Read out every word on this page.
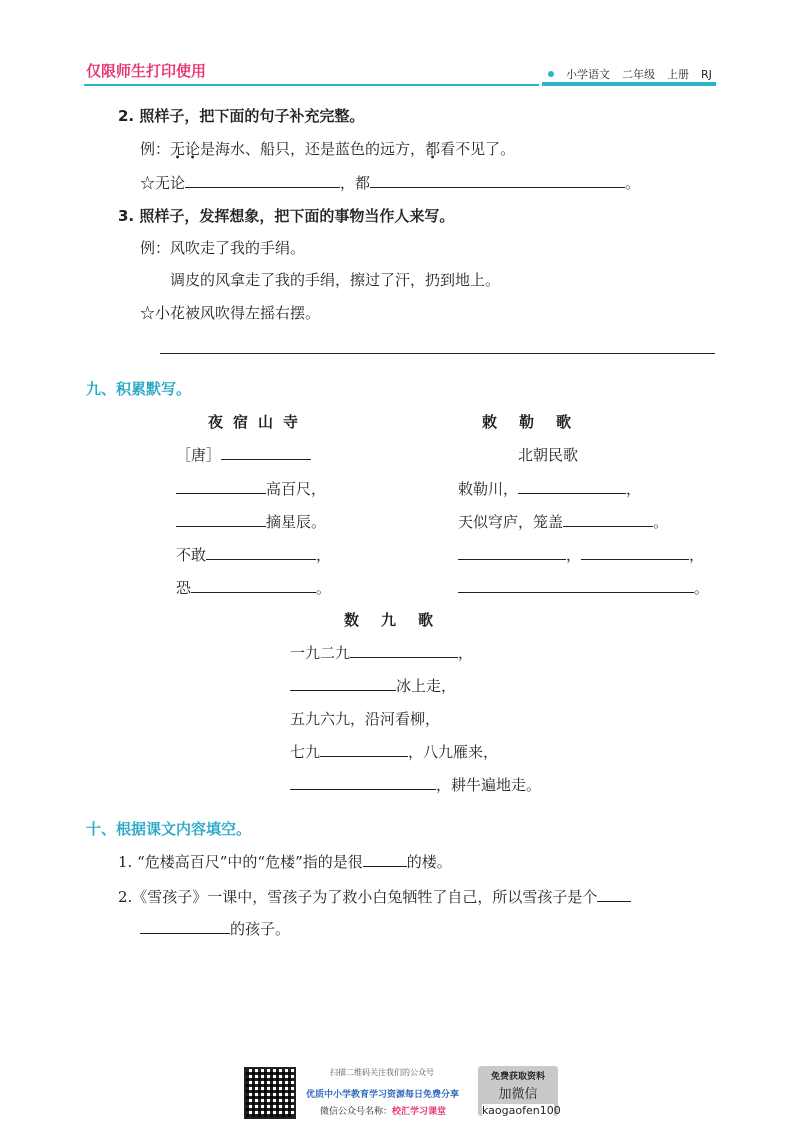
仅限师生打印使用	小学语文 二年级 上册 RJ
2. 照样子，把下面的句子补充完整。
例：无论是海水、船只，还是蓝色的远方，都看不见了。
☆无论	，都	。
3. 照样子，发挥想象，把下面的事物当作人来写。
例：风吹走了我的手绢。
调皮的风拿走了我的手绢，擦过了汗，扔到地上。
☆小花被风吹得左摇右摆。
九、积累默写。
夜宿山寺
［唐］
高百尺，
摘星辰。
不敢	，
恐	。
敕勒歌
北朝民歌
敕勒川，	，
天似穹庐，笼盖	。
，	，
。
数九歌
一九二九	，
冰上走，
五九六九，沿河看柳，
七九	，八九雁来，
，耕牛遍地走。
十、根据课文内容填空。
1. “危楼高百尺”中的“危楼”指的是很	的楼。
2.《雪孩子》一课中，雪孩子为了救小白兔牺牲了自己，所以雪孩子是个
的孩子。
扫描二维码关注我们的公众号
优质中小学教育学习资源每日免费分享
微信公众号名称：校汇学习课堂
免费获取资料
加微信
kaogaofen100
